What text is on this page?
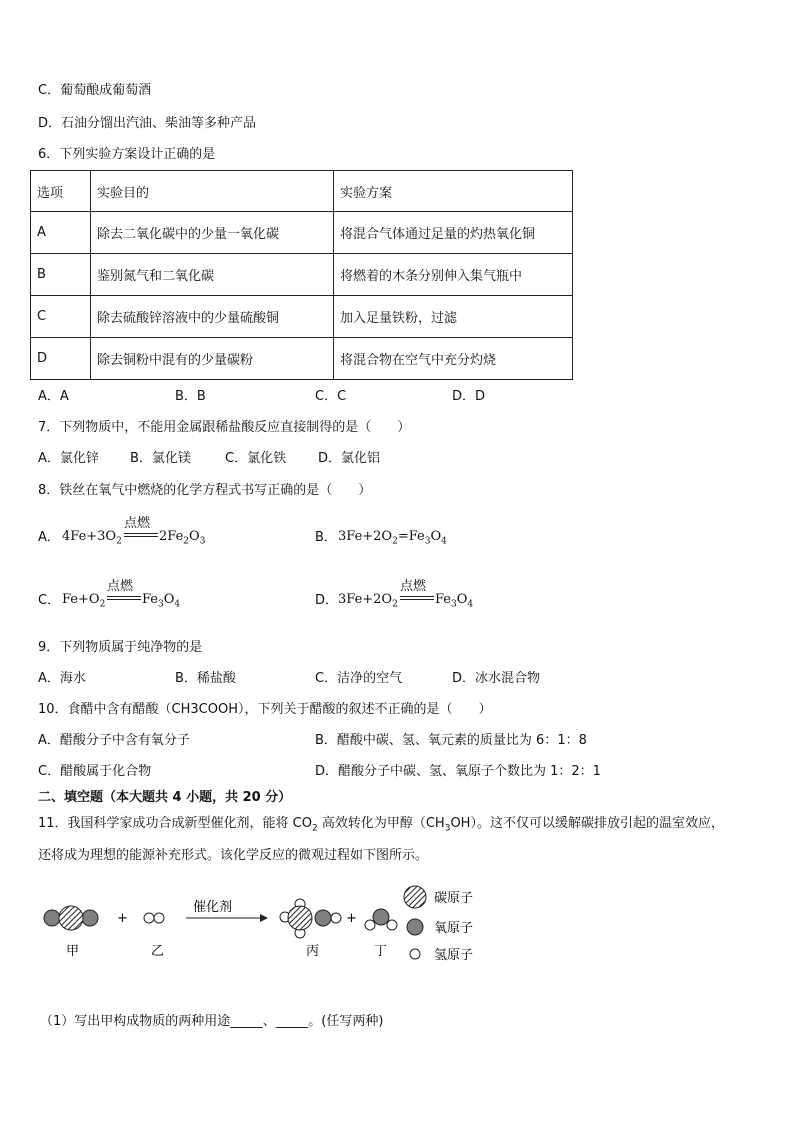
C．葡萄酿成葡萄酒
D．石油分馏出汽油、柴油等多种产品
6．下列实验方案设计正确的是
选项	实验目的	实验方案
A	除去二氧化碳中的少量一氧化碳	将混合气体通过足量的灼热氧化铜
B	鉴别氮气和二氧化碳	将燃着的木条分别伸入集气瓶中
C	除去硫酸锌溶液中的少量硫酸铜	加入足量铁粉，过滤
D	除去铜粉中混有的少量碳粉	将混合物在空气中充分灼烧
A．A	B．B	C．C	D．D
7．下列物质中，不能用金属跟稀盐酸反应直接制得的是（　　）
A．氯化锌 B．氯化镁	C．氯化铁 D．氯化铝
8．铁丝在氧气中燃烧的化学方程式书写正确的是（　　）
A． $4Fe+3O_2$
点燃
$2Fe_2O_3$	B． $3Fe+2O_2=Fe_3O_4$
C． $Fe+O_2$
点燃
$Fe_3O_4$	D． $3Fe+2O_2$
点燃
$Fe_3O_4$
9．下列物质属于纯净物的是
A．海水	B．稀盐酸	C．洁净的空气	D．冰水混合物
10．食醋中含有醋酸（CH3COOH），下列关于醋酸的叙述不正确的是（　　）
A．醋酸分子中含有氧分子	B．醋酸中碳、氢、氧元素的质量比为 6：1：8
C．醋酸属于化合物	D．醋酸分子中碳、氢、氧原子个数比为 1：2：1
二、填空题（本大题共 4 小题，共 20 分）
11．我国科学家成功合成新型催化剂，能将 $CO_2$ 高效转化为甲醇$(CH_3OH)$。这不仅可以缓解碳排放引起的温室效应，
还将成为理想的能源补充形式。该化学反应的微观过程如下图所示。
+
催化剂
+
碳原子
氧原子
氢原子
甲	乙	丙	丁
（1）写出甲构成物质的两种用途_____、_____。(任写两种)
